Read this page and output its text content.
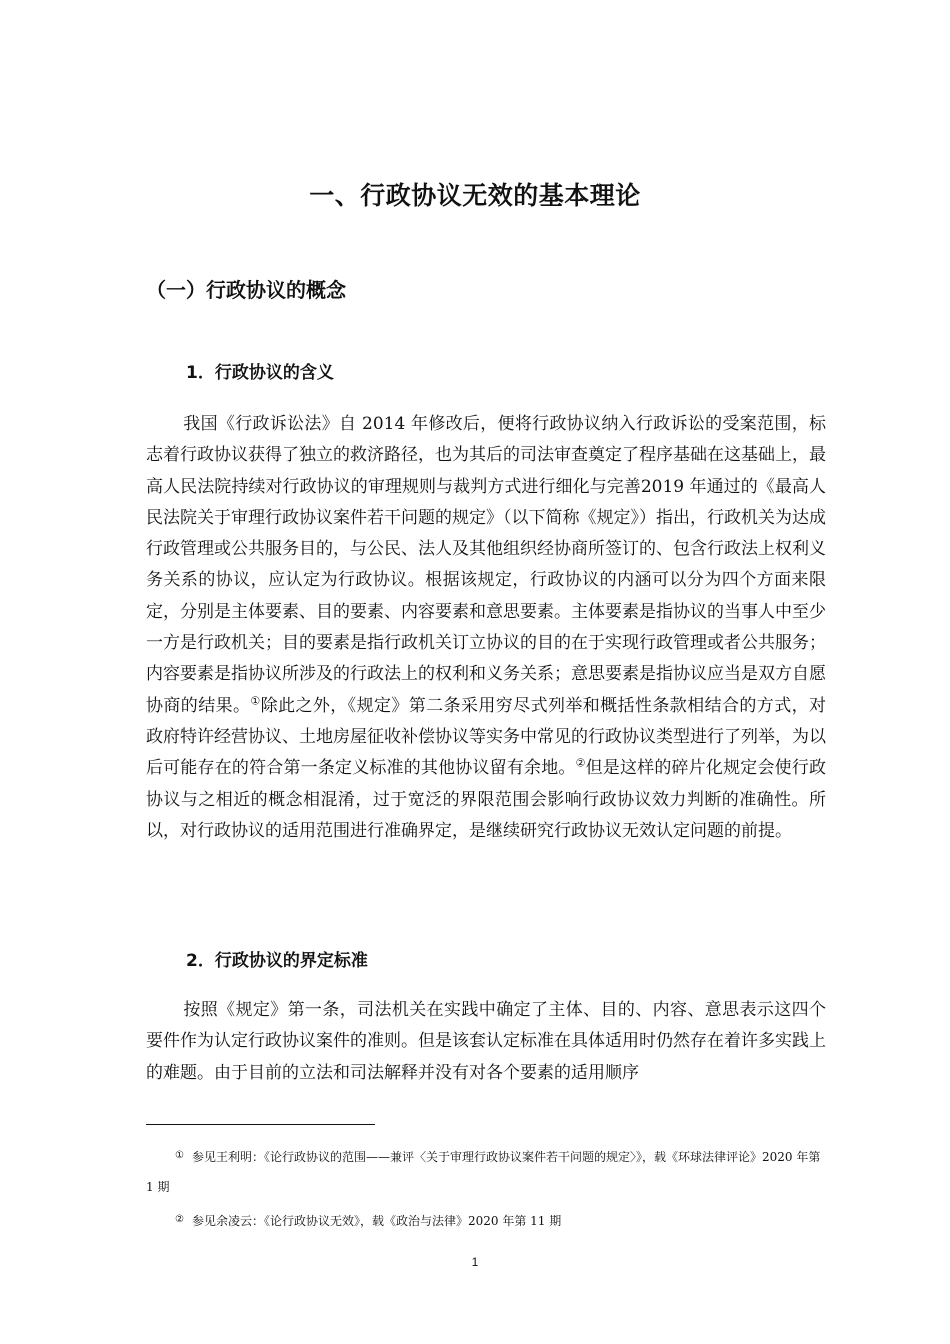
一、行政协议无效的基本理论
（一）行政协议的概念
1．行政协议的含义

我国《行政诉讼法》自 2014 年修改后，便将行政协议纳入行政诉讼的受案范围，标志着行政协议获得了独立的救济路径，也为其后的司法审查奠定了程序基础在这基础上，最高人民法院持续对行政协议的审理规则与裁判方式进行细化与完善2019 年通过的《最高人民法院关于审理行政协议案件若干问题的规定》（以下简称《规定》）指出，行政机关为达成行政管理或公共服务目的，与公民、法人及其他组织经协商所签订的、包含行政法上权利义务关系的协议，应认定为行政协议。根据该规定，行政协议的内涵可以分为四个方面来限定，分别是主体要素、目的要素、内容要素和意思要素。主体要素是指协议的当事人中至少一方是行政机关；目的要素是指行政机关订立协议的目的在于实现行政管理或者公共服务；内容要素是指协议所涉及的行政法上的权利和义务关系；意思要素是指协议应当是双方自愿协商的结果。①除此之外，《规定》第二条采用穷尽式列举和概括性条款相结合的方式，对政府特许经营协议、土地房屋征收补偿协议等实务中常见的行政协议类型进行了列举，为以后可能存在的符合第一条定义标准的其他协议留有余地。②但是这样的碎片化规定会使行政协议与之相近的概念相混淆，过于宽泛的界限范围会影响行政协议效力判断的准确性。所以，对行政协议的适用范围进行准确界定，是继续研究行政协议无效认定问题的前提。

2．行政协议的界定标准

按照《规定》第一条，司法机关在实践中确定了主体、目的、内容、意思表示这四个要件作为认定行政协议案件的准则。但是该套认定标准在具体适用时仍然存在着许多实践上的难题。由于目前的立法和司法解释并没有对各个要素的适用顺序

① 参见王利明：《论行政协议的范围——兼评〈关于审理行政协议案件若干问题的规定〉》，载《环球法律评论》2020 年第 1 期

② 参见余凌云：《论行政协议无效》，载《政治与法律》2020 年第 11 期

1
